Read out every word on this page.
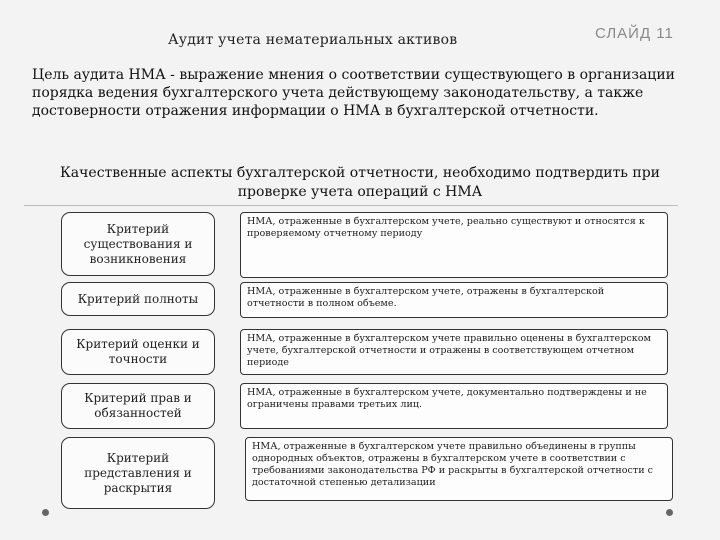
Аудит учета нематериальных активов	СЛАЙД 11
Цель аудита НМА - выражение мнения о соответствии существующего в организации порядка ведения бухгалтерского учета действующему законодательству, а также достоверности отражения информации о НМА в бухгалтерской отчетности.
Качественные аспекты бухгалтерской отчетности, необходимо подтвердить при проверке учета операций с НМА
Критерий существования и возникновения
НМА, отраженные в бухгалтерском учете, реально существуют и относятся к проверяемому отчетному периоду
Критерий полноты	НМА, отраженные в бухгалтерском учете, отражены в бухгалтерской отчетности в полном объеме.
Критерий оценки и точности
НМА, отраженные в бухгалтерском учете правильно оценены в бухгалтерском учете, бухгалтерской отчетности и отражены в соответствующем отчетном периоде
Критерий прав и обязанностей
НМА, отраженные в бухгалтерском учете, документально подтверждены и не ограничены правами третьих лиц.
Критерий представления и раскрытия
НМА, отраженные в бухгалтерском учете правильно объединены в группы однородных объектов, отражены в бухгалтерском учете в соответствии с требованиями законодательства РФ и раскрыты в бухгалтерской отчетности с достаточной степенью детализации
